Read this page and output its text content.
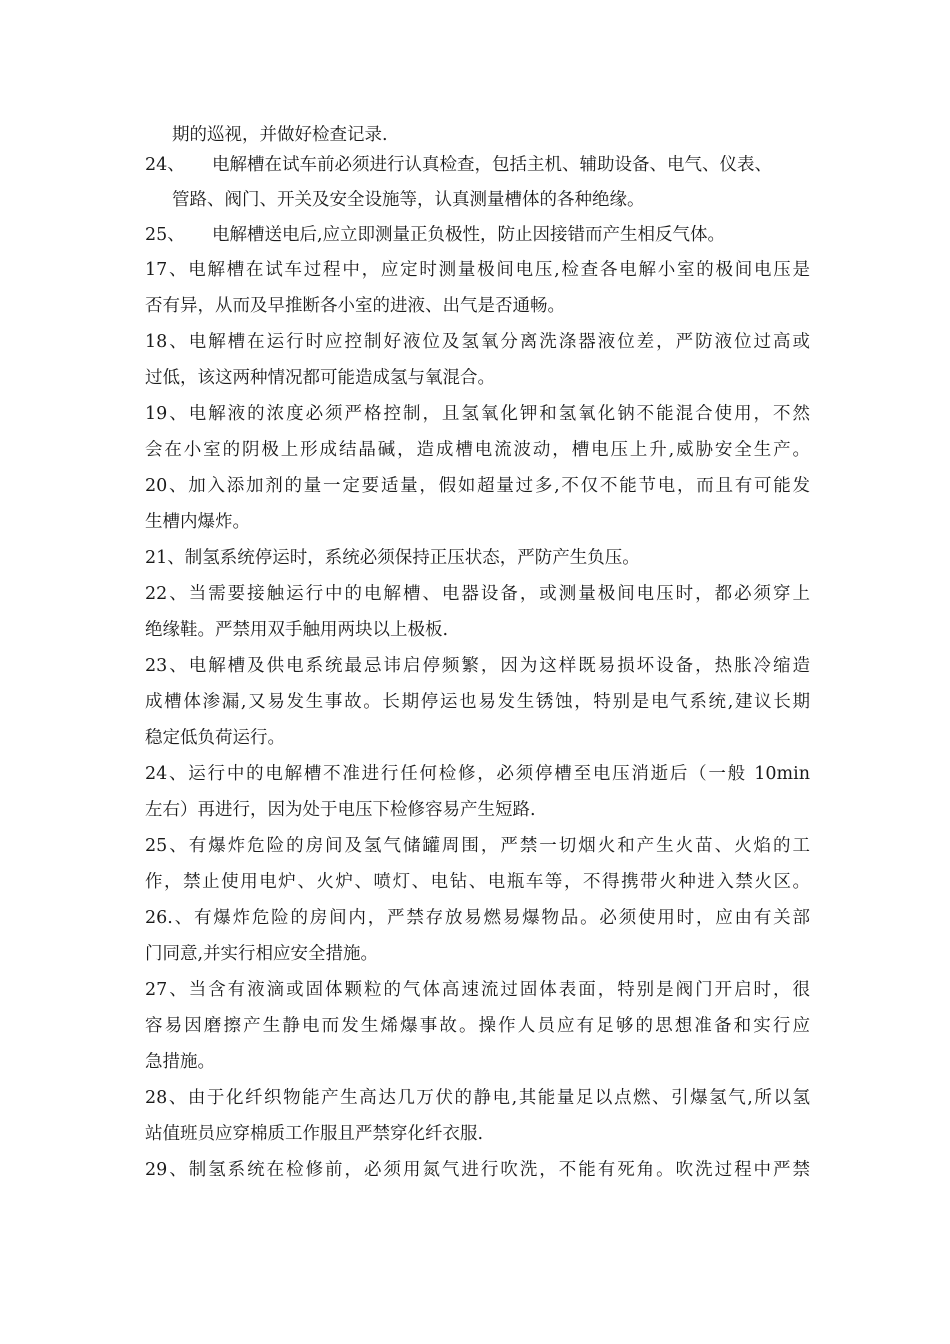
期的巡视，并做好检查记录.
24、 电解槽在试车前必须进行认真检查，包括主机、辅助设备、电气、仪表、
管路、阀门、开关及安全设施等，认真测量槽体的各种绝缘。
25、 电解槽送电后,应立即测量正负极性，防止因接错而产生相反气体。
17、电解槽在试车过程中，应定时测量极间电压,检查各电解小室的极间电压是
否有异，从而及早推断各小室的进液、出气是否通畅。
18、电解槽在运行时应控制好液位及氢氧分离洗涤器液位差，严防液位过高或
过低，该这两种情况都可能造成氢与氧混合。
19、电解液的浓度必须严格控制，且氢氧化钾和氢氧化钠不能混合使用，不然
会在小室的阴极上形成结晶碱，造成槽电流波动，槽电压上升,威胁安全生产。
20、加入添加剂的量一定要适量，假如超量过多,不仅不能节电，而且有可能发
生槽内爆炸。
21、制氢系统停运时，系统必须保持正压状态，严防产生负压。
22、当需要接触运行中的电解槽、电器设备，或测量极间电压时，都必须穿上
绝缘鞋。严禁用双手触用两块以上极板.
23、电解槽及供电系统最忌讳启停频繁，因为这样既易损坏设备，热胀冷缩造
成槽体渗漏,又易发生事故。长期停运也易发生锈蚀，特别是电气系统,建议长期
稳定低负荷运行。
24、运行中的电解槽不准进行任何检修，必须停槽至电压消逝后（一般 10min
左右）再进行，因为处于电压下检修容易产生短路.
25、有爆炸危险的房间及氢气储罐周围，严禁一切烟火和产生火苗、火焰的工
作，禁止使用电炉、火炉、喷灯、电钻、电瓶车等，不得携带火种进入禁火区。
26.、有爆炸危险的房间内，严禁存放易燃易爆物品。必须使用时，应由有关部
门同意,并实行相应安全措施。
27、当含有液滴或固体颗粒的气体高速流过固体表面，特别是阀门开启时，很
容易因磨擦产生静电而发生烯爆事故。操作人员应有足够的思想准备和实行应
急措施。
28、由于化纤织物能产生高达几万伏的静电,其能量足以点燃、引爆氢气,所以氢
站值班员应穿棉质工作服且严禁穿化纤衣服.
29、制氢系统在检修前，必须用氮气进行吹洗，不能有死角。吹洗过程中严禁
